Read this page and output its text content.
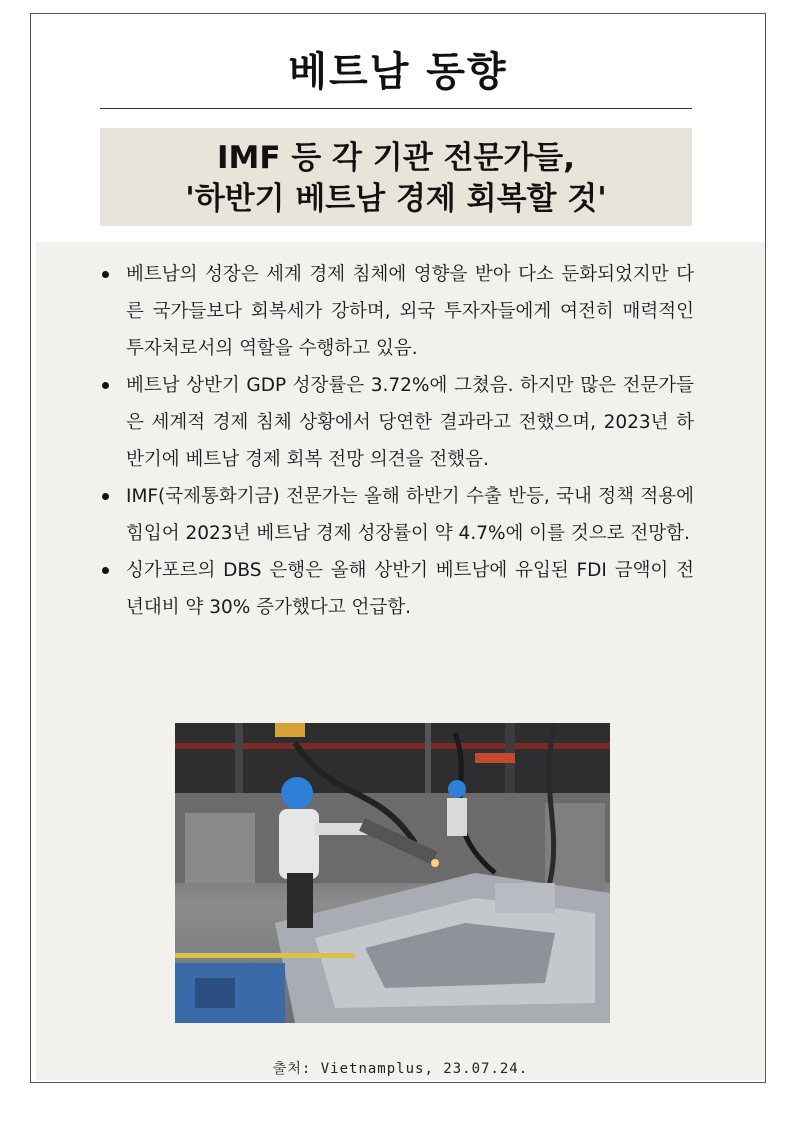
베트남 동향
IMF 등 각 기관 전문가들,
'하반기 베트남 경제 회복할 것'
베트남의 성장은 세계 경제 침체에 영향을 받아 다소 둔화되었지만 다른 국가들보다 회복세가 강하며, 외국 투자자들에게 여전히 매력적인 투자처로서의 역할을 수행하고 있음.
베트남 상반기 GDP 성장률은 3.72%에 그쳤음. 하지만 많은 전문가들은 세계적 경제 침체 상황에서 당연한 결과라고 전했으며, 2023년 하반기에 베트남 경제 회복 전망 의견을 전했음.
IMF(국제통화기금) 전문가는 올해 하반기 수출 반등, 국내 정책 적용에 힘입어 2023년 베트남 경제 성장률이 약 4.7%에 이를 것으로 전망함.
싱가포르의 DBS 은행은 올해 상반기 베트남에 유입된 FDI 금액이 전년대비 약 30% 증가했다고 언급함.
출처: Vietnamplus, 23.07.24.
